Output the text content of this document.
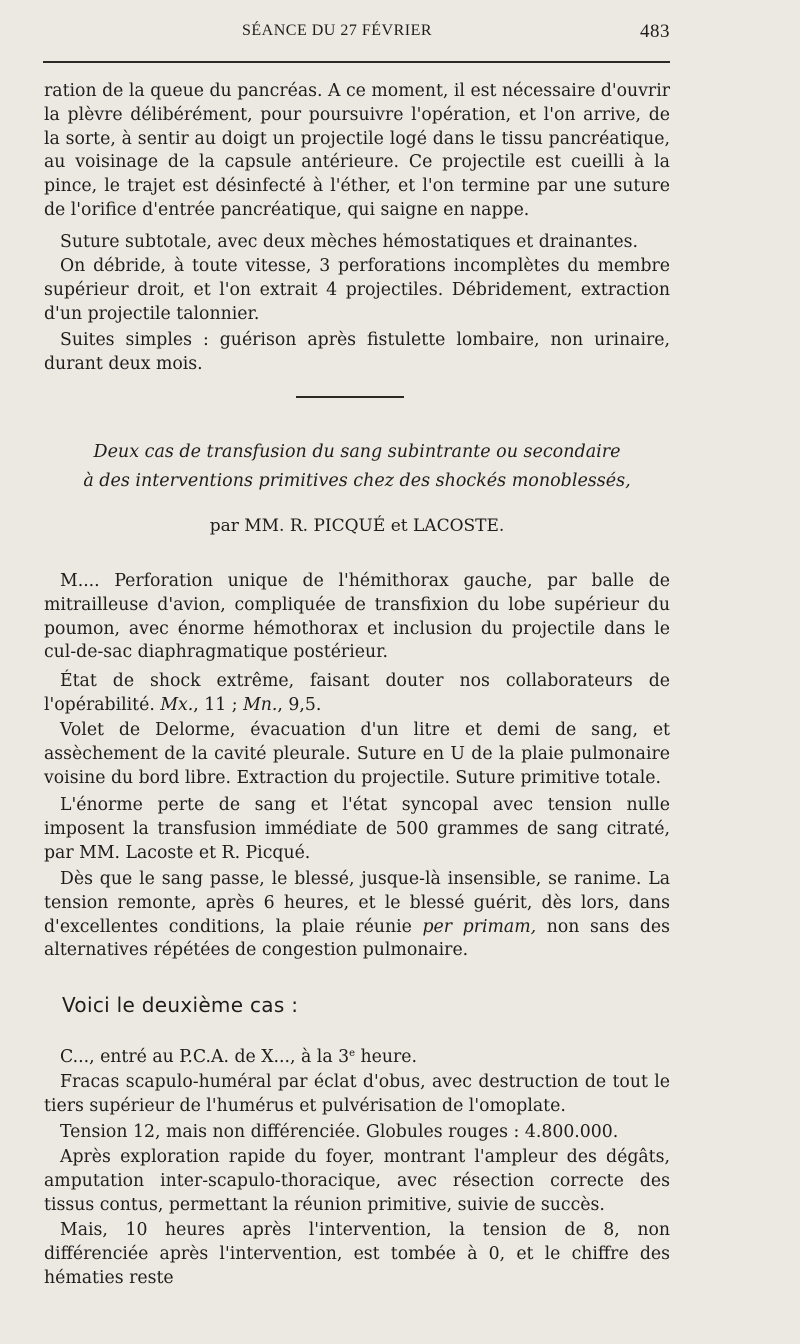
SÉANCE DU 27 FÉVRIER	483

ration de la queue du pancréas. A ce moment, il est nécessaire d'ouvrir la plèvre délibérément, pour poursuivre l'opération, et l'on arrive, de la sorte, à sentir au doigt un projectile logé dans le tissu pancréatique, au voisinage de la capsule antérieure. Ce projectile est cueilli à la pince, le trajet est désinfecté à l'éther, et l'on termine par une suture de l'orifice d'entrée pancréatique, qui saigne en nappe.

Suture subtotale, avec deux mèches hémostatiques et drainantes.

On débride, à toute vitesse, 3 perforations incomplètes du membre supérieur droit, et l'on extrait 4 projectiles. Débridement, extraction d'un projectile talonnier.

Suites simples : guérison après fistulette lombaire, non urinaire, durant deux mois.

Deux cas de transfusion du sang subintrante ou secondaire
à des interventions primitives chez des shockés monoblessés,
par MM. R. PICQUÉ et LACOSTE.

M.... Perforation unique de l'hémithorax gauche, par balle de mitrailleuse d'avion, compliquée de transfixion du lobe supérieur du poumon, avec énorme hémothorax et inclusion du projectile dans le cul-de-sac diaphragmatique postérieur.

État de shock extrême, faisant douter nos collaborateurs de l'opérabilité. Mx., 11 ; Mn., 9,5.

Volet de Delorme, évacuation d'un litre et demi de sang, et assèchement de la cavité pleurale. Suture en U de la plaie pulmonaire voisine du bord libre. Extraction du projectile. Suture primitive totale.

L'énorme perte de sang et l'état syncopal avec tension nulle imposent la transfusion immédiate de 500 grammes de sang citraté, par MM. Lacoste et R. Picqué.

Dès que le sang passe, le blessé, jusque-là insensible, se ranime. La tension remonte, après 6 heures, et le blessé guérit, dès lors, dans d'excellentes conditions, la plaie réunie per primam, non sans des alternatives répétées de congestion pulmonaire.

Voici le deuxième cas :

C..., entré au P.C.A. de X..., à la 3e heure.

Fracas scapulo-huméral par éclat d'obus, avec destruction de tout le tiers supérieur de l'humérus et pulvérisation de l'omoplate.

Tension 12, mais non différenciée. Globules rouges : 4.800.000.

Après exploration rapide du foyer, montrant l'ampleur des dégâts, amputation inter-scapulo-thoracique, avec résection correcte des tissus contus, permettant la réunion primitive, suivie de succès.

Mais, 10 heures après l'intervention, la tension de 8, non différenciée après l'intervention, est tombée à 0, et le chiffre des hématies reste
